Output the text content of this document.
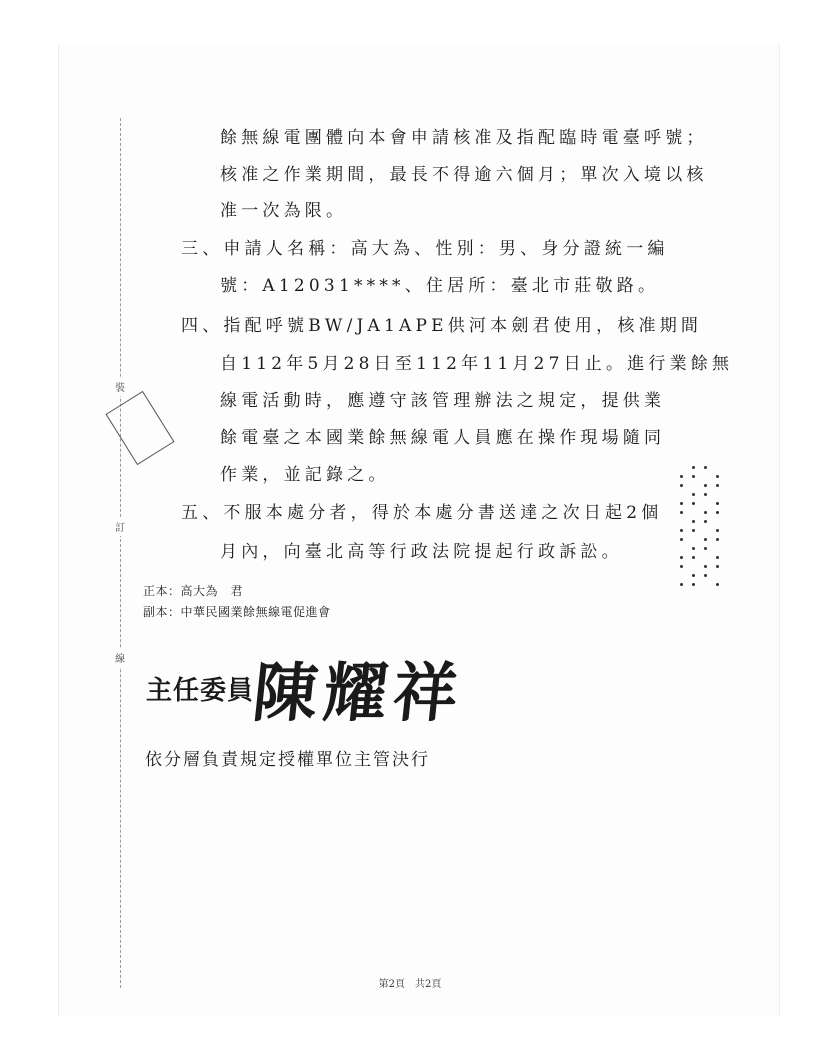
裝
訂
線
餘無線電團體向本會申請核准及指配臨時電臺呼號；
核准之作業期間，最長不得逾六個月；單次入境以核
准一次為限。
三、申請人名稱：高大為、性別：男、身分證統一編
號：A12031****、住居所：臺北市莊敬路。
四、指配呼號BW/JA1APE供河本劍君使用，核准期間
自112年5月28日至112年11月27日止。進行業餘無
線電活動時，應遵守該管理辦法之規定，提供業
餘電臺之本國業餘無線電人員應在操作現場隨同
作業，並記錄之。
五、不服本處分者，得於本處分書送達之次日起2個
月內，向臺北高等行政法院提起行政訴訟。
正本：高大為　君
副本：中華民國業餘無線電促進會
主任委員
陳耀祥
依分層負責規定授權單位主管決行
第2頁　共2頁
